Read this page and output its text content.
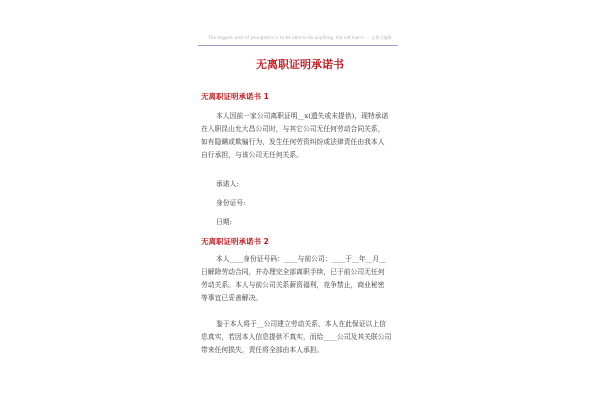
The biggest wish of youngsters is to be able to do anything, the old man's ... 文档可编辑
无离职证明承诺书
无离职证明承诺书 1
本人因前一家公司离职证明__x(遗失或未提供)，现特承诺
在入职昆山允大昌公司时，与其它公司无任何劳动合同关系，
如有隐瞒或欺骗行为，发生任何劳资纠纷或法律责任由我本人
自行承担，与该公司无任何关系。
承诺人:
身份证号:
日期:
无离职证明承诺书 2
本人____身份证号码：____与前公司：____于__年__月__
日解除劳动合同，并办理完全部离职手续，已于前公司无任何
劳动关系。本人与前公司关系薪资福利，竞争禁止，商业秘密
等事宜已妥善解决。
鉴于本人将于__公司建立劳动关系，本人在此保证以上信
息真实，若因本人信息提供不真实，而给____公司及其关联公司
带来任何损失，责任将全部由本人承担。
